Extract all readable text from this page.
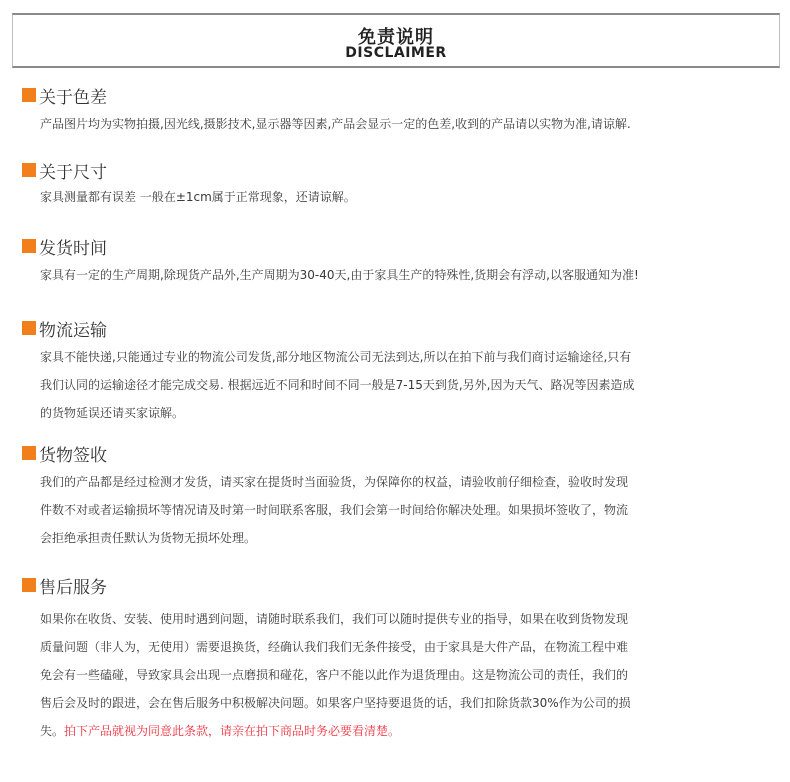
免责说明
DISCLAIMER
关于色差
产品图片均为实物拍摄,因光线,摄影技术,显示器等因素,产品会显示一定的色差,收到的产品请以实物为准,请谅解.
关于尺寸
家具测量都有误差 一般在±1cm属于正常现象，还请谅解。
发货时间
家具有一定的生产周期,除现货产品外,生产周期为30-40天,由于家具生产的特殊性,货期会有浮动,以客服通知为准!
物流运输
家具不能快递,只能通过专业的物流公司发货,部分地区物流公司无法到达,所以在拍下前与我们商讨运输途径,只有
我们认同的运输途径才能完成交易. 根据远近不同和时间不同一般是7-15天到货,另外,因为天气、路况等因素造成
的货物延误还请买家谅解。
货物签收
我们的产品都是经过检测才发货，请买家在提货时当面验货，为保障你的权益，请验收前仔细检查，验收时发现
件数不对或者运输损坏等情况请及时第一时间联系客服，我们会第一时间给你解决处理。如果损坏签收了，物流
会拒绝承担责任默认为货物无损坏处理。
售后服务
如果你在收货、安装、使用时遇到问题，请随时联系我们，我们可以随时提供专业的指导，如果在收到货物发现
质量问题（非人为，无使用）需要退换货，经确认我们我们无条件接受，由于家具是大件产品，在物流工程中难
免会有一些磕碰，导致家具会出现一点磨损和碰花，客户不能以此作为退货理由。这是物流公司的责任，我们的
售后会及时的跟进，会在售后服务中积极解决问题。如果客户坚持要退货的话，我们扣除货款30%作为公司的损
失。拍下产品就视为同意此条款，请亲在拍下商品时务必要看清楚。
